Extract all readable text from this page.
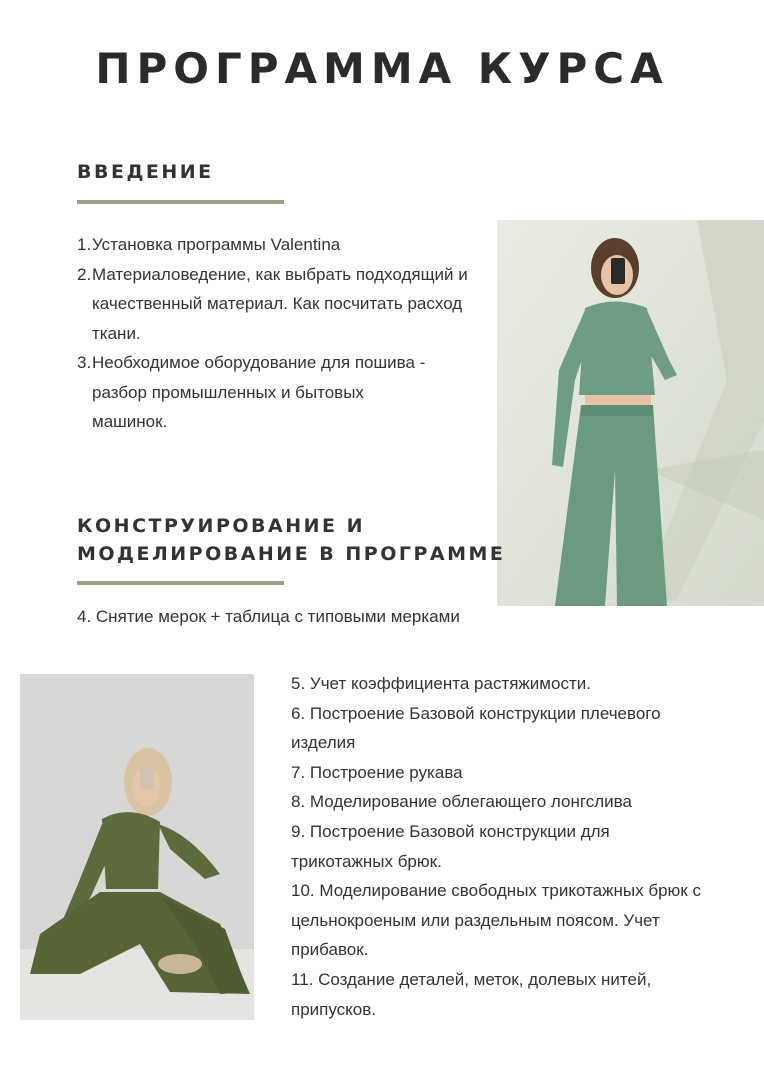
ПРОГРАММА КУРСА
ВВЕДЕНИЕ
1. Установка программы Valentina
2. Материаловедение, как выбрать подходящий и качественный материал. Как посчитать расход ткани.
3. Необходимое оборудование для пошива - разбор промышленных и бытовых машинок.
КОНСТРУИРОВАНИЕ И
МОДЕЛИРОВАНИЕ В ПРОГРАММЕ
4. Снятие мерок + таблица с типовыми мерками
5. Учет коэффициента растяжимости.
6. Построение Базовой конструкции плечевого изделия
7. Построение рукава
8. Моделирование облегающего лонгслива
9. Построение Базовой конструкции для трикотажных брюк.
10. Моделирование свободных трикотажных брюк с цельнокроеным или раздельным поясом. Учет прибавок.
11. Создание деталей, меток, долевых нитей, припусков.
